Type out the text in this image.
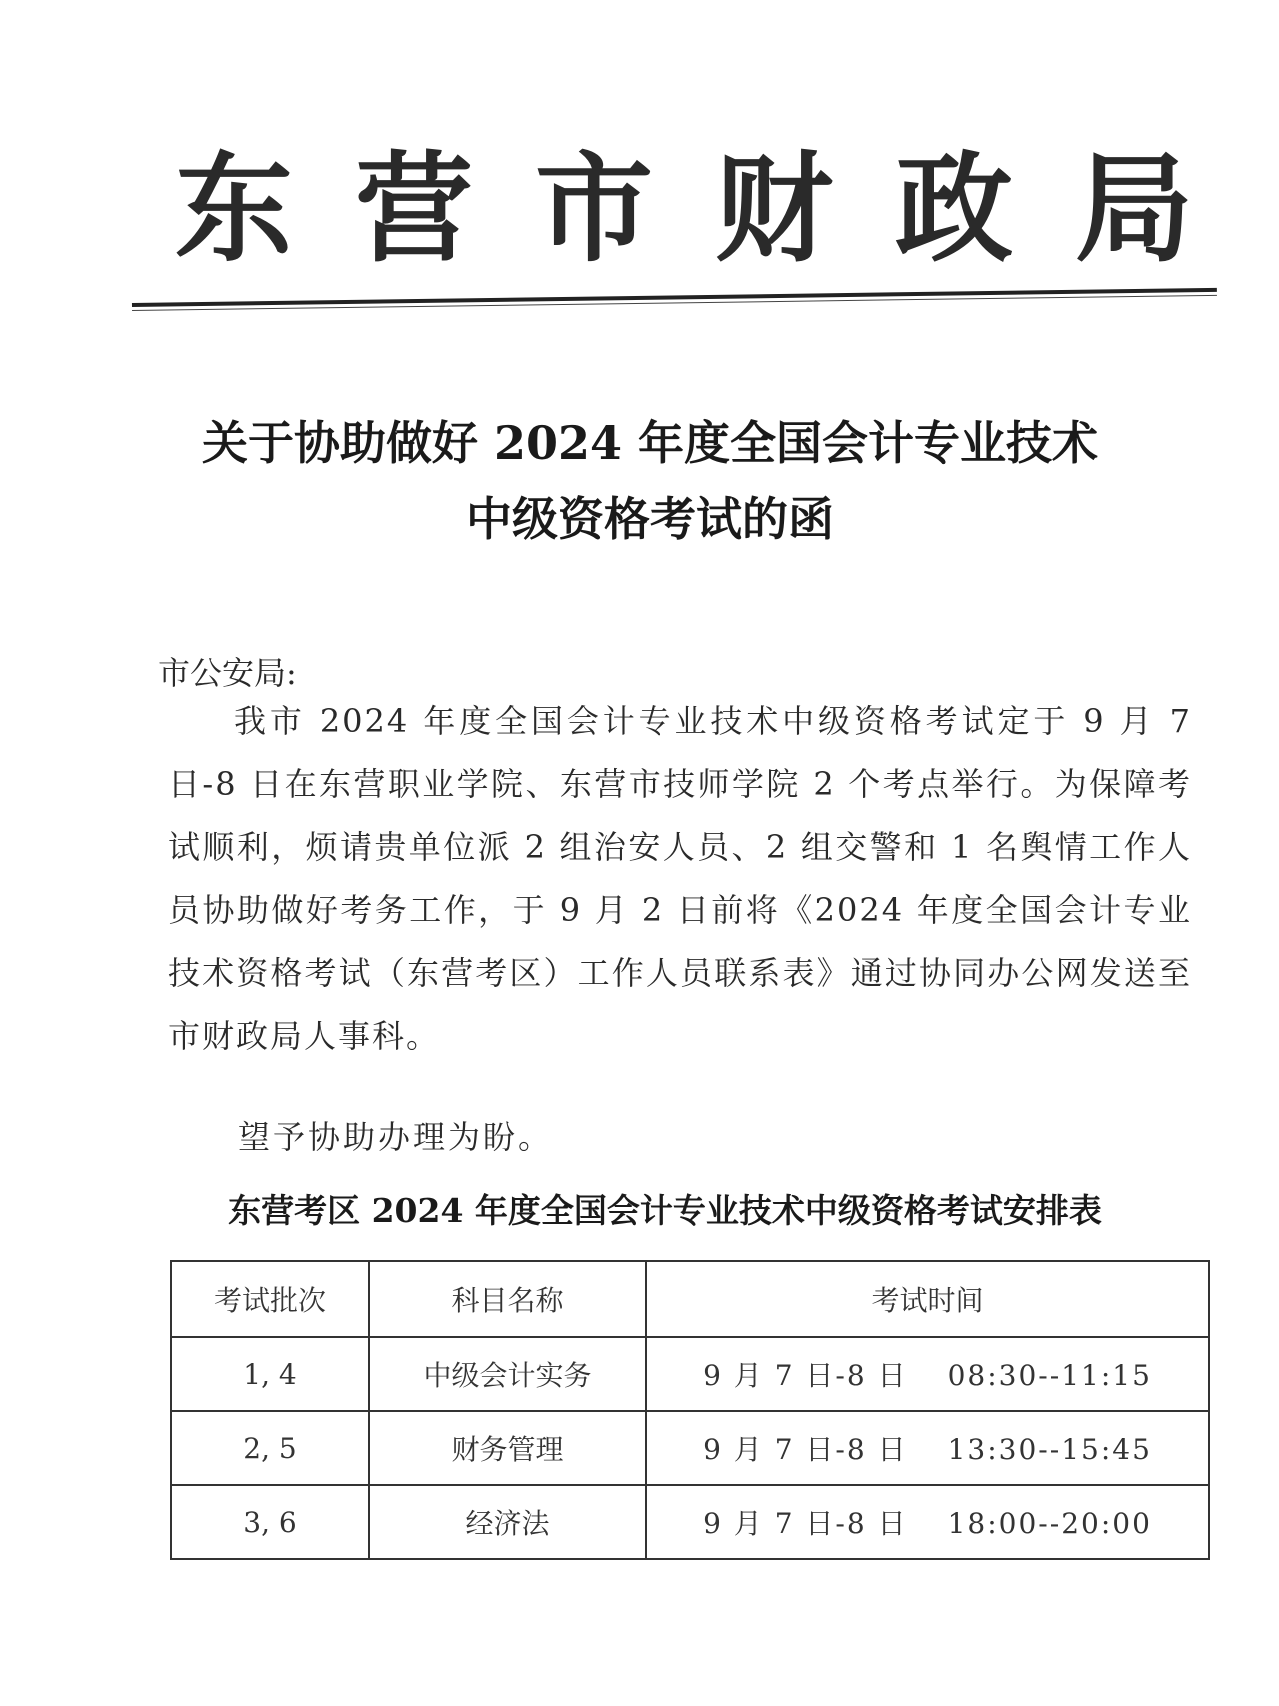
东营市财政局
关于协助做好 2024 年度全国会计专业技术
中级资格考试的函
市公安局:
我市 2024 年度全国会计专业技术中级资格考试定于 9 月 7 日-8 日在东营职业学院、东营市技师学院 2 个考点举行。为保障考试顺利，烦请贵单位派 2 组治安人员、2 组交警和 1 名舆情工作人员协助做好考务工作，于 9 月 2 日前将《2024 年度全国会计专业技术资格考试（东营考区）工作人员联系表》通过协同办公网发送至市财政局人事科。
望予协助办理为盼。
东营考区 2024 年度全国会计专业技术中级资格考试安排表
考试批次	科目名称	考试时间
1, 4	中级会计实务	9 月 7 日-8 日 08:30--11:15
2, 5	财务管理	9 月 7 日-8 日 13:30--15:45
3, 6	经济法	9 月 7 日-8 日 18:00--20:00
